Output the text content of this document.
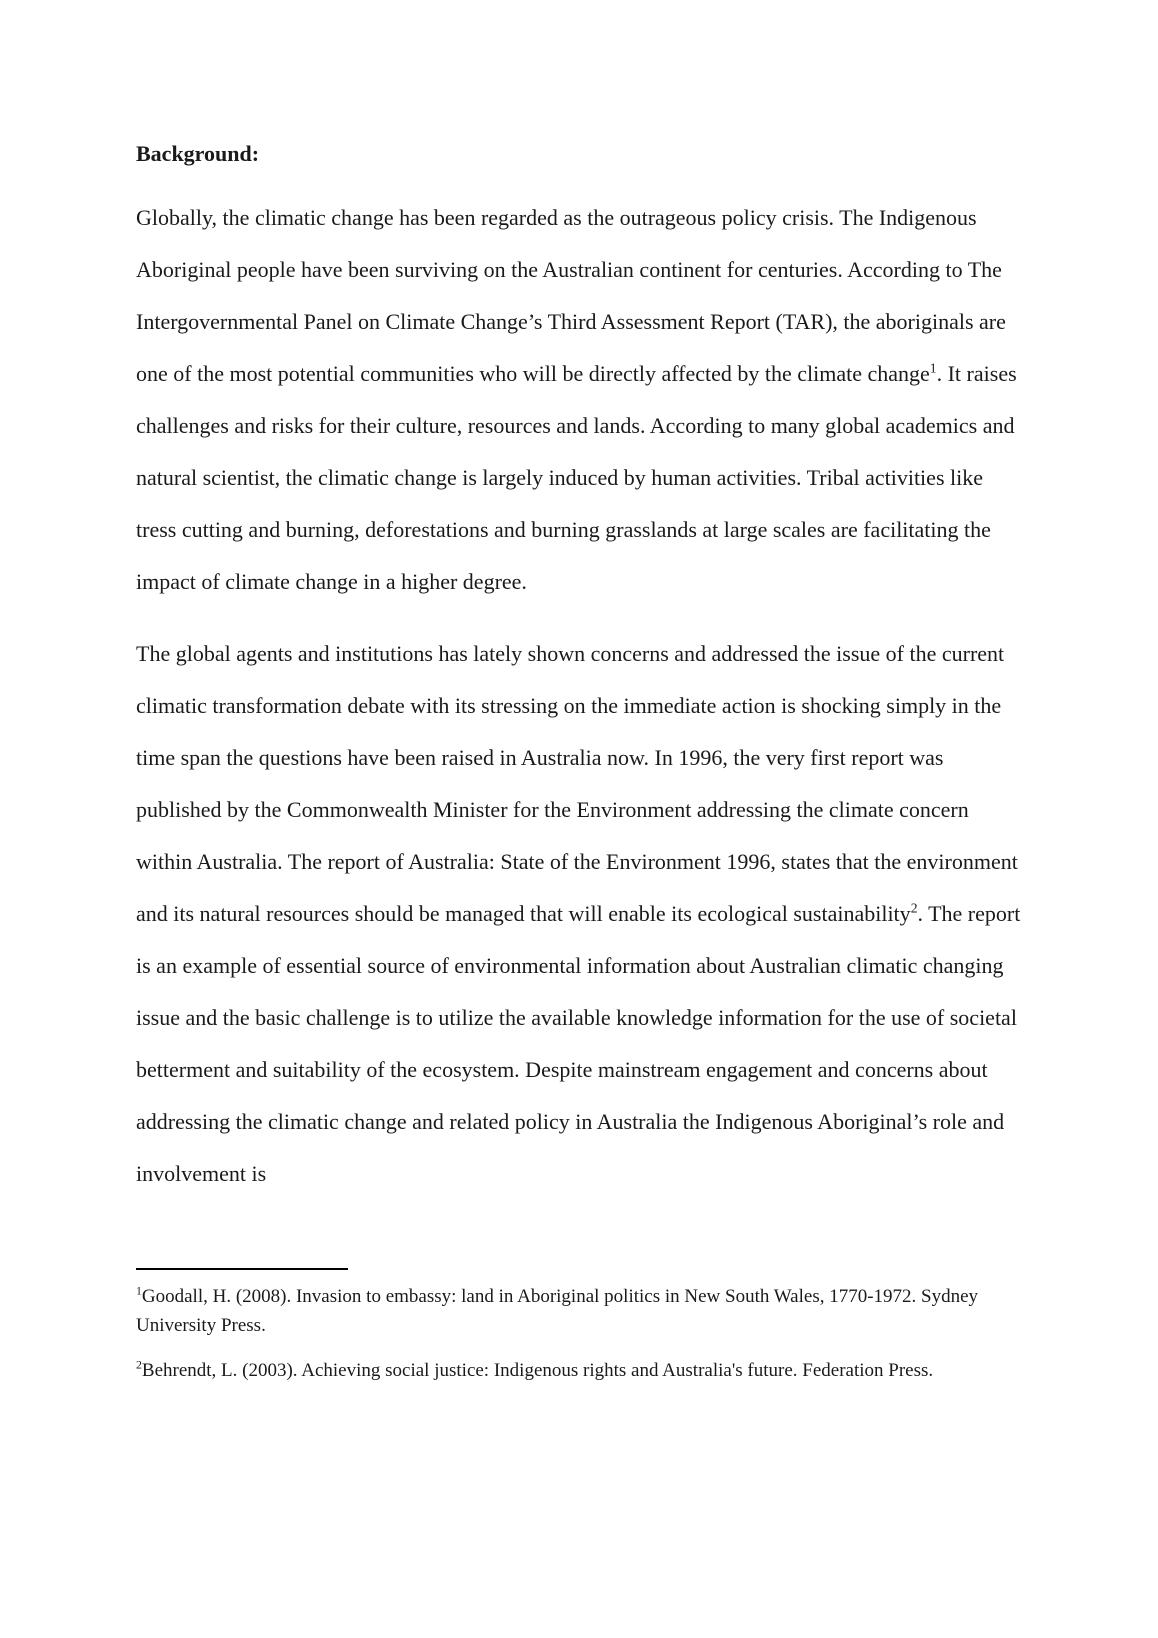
Background:

Globally, the climatic change has been regarded as the outrageous policy crisis. The Indigenous Aboriginal people have been surviving on the Australian continent for centuries. According to The Intergovernmental Panel on Climate Change’s Third Assessment Report (TAR), the aboriginals are one of the most potential communities who will be directly affected by the climate change$^1$. It raises challenges and risks for their culture, resources and lands. According to many global academics and natural scientist, the climatic change is largely induced by human activities. Tribal activities like tress cutting and burning, deforestations and burning grasslands at large scales are facilitating the impact of climate change in a higher degree.

The global agents and institutions has lately shown concerns and addressed the issue of the current climatic transformation debate with its stressing on the immediate action is shocking simply in the time span the questions have been raised in Australia now. In 1996, the very first report was published by the Commonwealth Minister for the Environment addressing the climate concern within Australia. The report of Australia: State of the Environment 1996, states that the environment and its natural resources should be managed that will enable its ecological sustainability$^2$. The report is an example of essential source of environmental information about Australian climatic changing issue and the basic challenge is to utilize the available knowledge information for the use of societal betterment and suitability of the ecosystem. Despite mainstream engagement and concerns about addressing the climatic change and related policy in Australia the Indigenous Aboriginal’s role and involvement is

$^1$Goodall, H. (2008). Invasion to embassy: land in Aboriginal politics in New South Wales, 1770-1972. Sydney University Press.

$^2$Behrendt, L. (2003). Achieving social justice: Indigenous rights and Australia's future. Federation Press.
